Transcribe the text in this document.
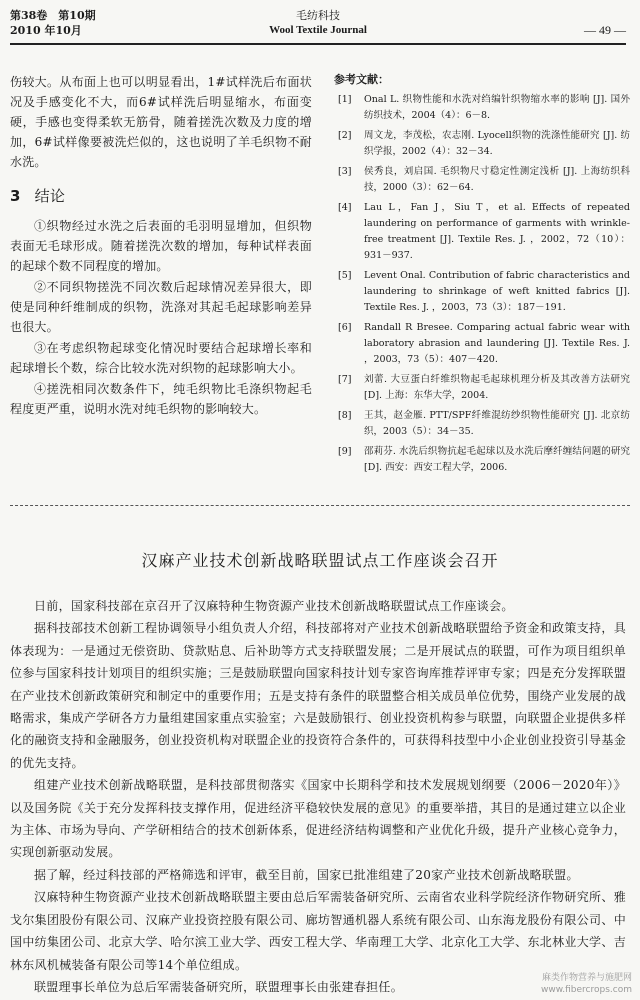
第38卷　第10期
2010 年10月
毛纺科技
Wool Textile Journal	— 49 —

伤较大。从布面上也可以明显看出，1#试样洗后布面状况及手感变化不大，而6#试样洗后明显缩水，布面变硬，手感也变得柔软无筋骨，随着搓洗次数及力度的增加，6#试样像要被洗烂似的，这也说明了羊毛织物不耐水洗。

3 结论

①织物经过水洗之后表面的毛羽明显增加，但织物表面无毛球形成。随着搓洗次数的增加，每种试样表面的起球个数不同程度的增加。

②不同织物搓洗不同次数后起球情况差异很大，即使是同种纤维制成的织物，洗涤对其起毛起球影响差异也很大。

③在考虑织物起球变化情况时要结合起球增长率和起球增长个数，综合比较水洗对织物的起球影响大小。

④搓洗相同次数条件下，纯毛织物比毛涤织物起毛程度更严重，说明水洗对纯毛织物的影响较大。

参考文献：
[1] Onal L. 织物性能和水洗对绉编针织物缩水率的影响 [J]. 国外纺织技术，2004（4）：6－8.
[2] 周文龙，李茂松，农志刚. Lyocell织物的洗涤性能研究 [J]. 纺织学报，2002（4）：32－34.
[3] 侯秀良，刘启国. 毛织物尺寸稳定性测定浅析 [J]. 上海纺织科技，2000（3）：62－64.
[4] Lau L，Fan J，Siu T，et al. Effects of repeated laundering on performance of garments with wrinkle-free treatment [J]. Textile Res. J. ，2002，72（10）：931－937.
[5] Levent Onal. Contribution of fabric characteristics and laundering to shrinkage of weft knitted fabrics [J]. Textile Res. J. ，2003，73（3）：187－191.
[6] Randall R Bresee. Comparing actual fabric wear with laboratory abrasion and laundering [J]. Textile Res. J. ，2003，73（5）：407－420.
[7] 刘蕾. 大豆蛋白纤维织物起毛起球机理分析及其改善方法研究 [D]. 上海：东华大学，2004.
[8] 王其，赵金雁. PTT/SPF纤维混纺纱织物性能研究 [J]. 北京纺织，2003（5）：34－35.
[9] 邵莉芬. 水洗后织物抗起毛起球以及水洗后摩纤缠结问题的研究 [D]. 西安：西安工程大学，2006.
汉麻产业技术创新战略联盟试点工作座谈会召开

日前，国家科技部在京召开了汉麻特种生物资源产业技术创新战略联盟试点工作座谈会。

据科技部技术创新工程协调领导小组负责人介绍，科技部将对产业技术创新战略联盟给予资金和政策支持，具体表现为：一是通过无偿资助、贷款贴息、后补助等方式支持联盟发展；二是开展试点的联盟，可作为项目组织单位参与国家科技计划项目的组织实施；三是鼓励联盟向国家科技计划专家咨询库推荐评审专家；四是充分发挥联盟在产业技术创新政策研究和制定中的重要作用；五是支持有条件的联盟整合相关成员单位优势，围绕产业发展的战略需求，集成产学研各方力量组建国家重点实验室；六是鼓励银行、创业投资机构参与联盟，向联盟企业提供多样化的融资支持和金融服务，创业投资机构对联盟企业的投资符合条件的，可获得科技型中小企业创业投资引导基金的优先支持。

组建产业技术创新战略联盟，是科技部贯彻落实《国家中长期科学和技术发展规划纲要（2006－2020年）》以及国务院《关于充分发挥科技支撑作用，促进经济平稳较快发展的意见》的重要举措，其目的是通过建立以企业为主体、市场为导向、产学研相结合的技术创新体系，促进经济结构调整和产业优化升级，提升产业核心竞争力，实现创新驱动发展。

据了解，经过科技部的严格筛选和评审，截至目前，国家已批准组建了20家产业技术创新战略联盟。

汉麻特种生物资源产业技术创新战略联盟主要由总后军需装备研究所、云南省农业科学院经济作物研究所、雅戈尔集团股份有限公司、汉麻产业投资控股有限公司、廊坊智通机器人系统有限公司、山东海龙股份有限公司、中国中纺集团公司、北京大学、哈尔滨工业大学、西安工程大学、华南理工大学、北京化工大学、东北林业大学、吉林东风机械装备有限公司等14个单位组成。

联盟理事长单位为总后军需装备研究所，联盟理事长由张建春担任。

麻类作物营养与施肥网
www.fibercrops.com
